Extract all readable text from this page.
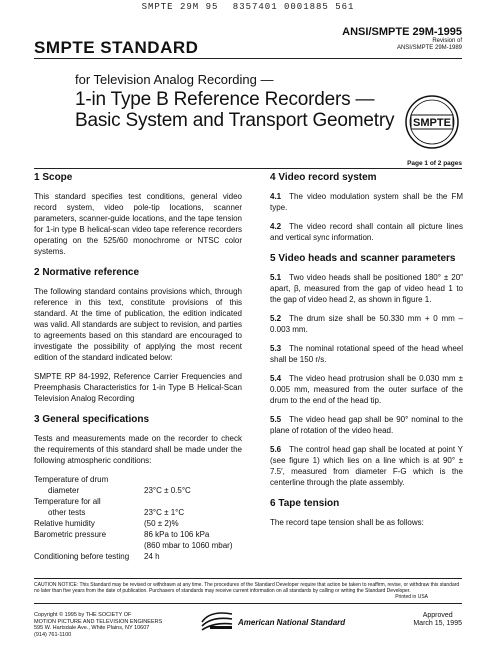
SMPTE 29M 95 8357401 0001885 561
SMPTE STANDARD
ANSI/SMPTE 29M-1995
Revision of
ANSI/SMPTE 29M-1989
for Television Analog Recording —
1-in Type B Reference Recorders —
Basic System and Transport Geometry SMPTE
Page 1 of 2 pages
1 Scope

This standard specifies test conditions, general video record system, video pole-tip locations, scanner parameters, scanner-guide locations, and the tape tension for 1-in type B helical-scan video tape reference recorders operating on the 525/60 monochrome or NTSC color systems.

2 Normative reference

The following standard contains provisions which, through reference in this text, constitute provisions of this standard. At the time of publication, the edition indicated was valid. All standards are subject to revision, and parties to agreements based on this standard are encouraged to investigate the possibility of applying the most recent edition of the standard indicated below:

SMPTE RP 84-1992, Reference Carrier Frequencies and Preemphasis Characteristics for 1-in Type B Helical-Scan Television Analog Recording

3 General specifications

Tests and measurements made on the recorder to check the requirements of this standard shall be made under the following atmospheric conditions:

Temperature of drum
diameter	23°C ± 0.5°C
Temperature for all
other tests	23°C ± 1°C
Relative humidity	(50 ± 2)%
Barometric pressure	86 kPa to 106 kPa
(860 mbar to 1060 mbar)
Conditioning before testing	24 h
4 Video record system

4.1 The video modulation system shall be the FM type.

4.2 The video record shall contain all picture lines and vertical sync information.

5 Video heads and scanner parameters

5.1 Two video heads shall be positioned 180° ± 20″ apart, β, measured from the gap of video head 1 to the gap of video head 2, as shown in figure 1.

5.2 The drum size shall be 50.330 mm + 0 mm – 0.003 mm.

5.3 The nominal rotational speed of the head wheel shall be 150 r/s.

5.4 The video head protrusion shall be 0.030 mm ± 0.005 mm, measured from the outer surface of the drum to the end of the head tip.

5.5 The video head gap shall be 90° nominal to the plane of rotation of the video head.

5.6 The control head gap shall be located at point Y (see figure 1) which lies on a line which is at 90° ± 7.5′, measured from diameter F-G which is the centerline through the plate assembly.

6 Tape tension

The record tape tension shall be as follows:

CAUTION NOTICE: This Standard may be revised or withdrawn at any time. The procedures of the Standard Developer require that action be taken to reaffirm, revise, or withdraw this standard no later than five years from the date of publication. Purchasers of standards may receive current information on all standards by calling or writing the Standard Developer.
Printed in USA
Copyright © 1995 by THE SOCIETY OF
MOTION PICTURE AND TELEVISION ENGINEERS
595 W. Hartsdale Ave., White Plains, NY 10607
(914) 761-1100
American National Standard
Approved
March 15, 1995
